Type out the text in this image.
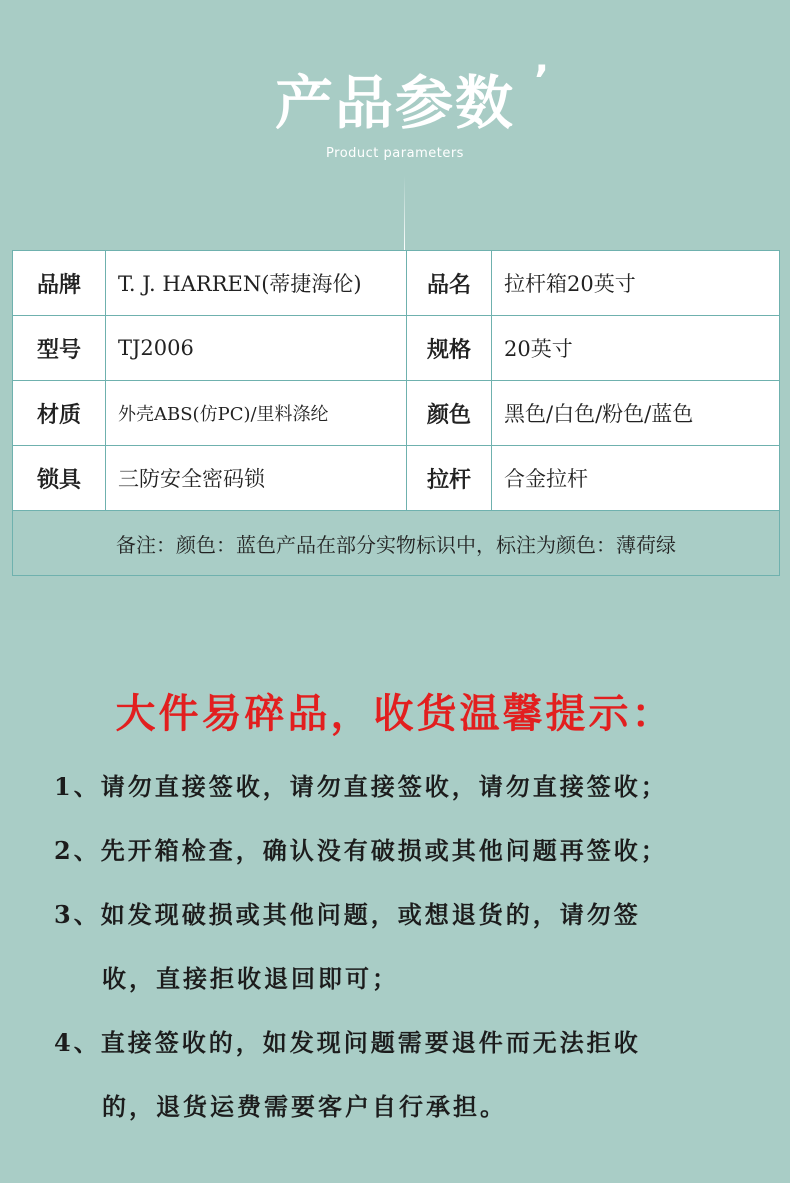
产品参数 ’
Product parameters
品牌	T. J. HARREN(蒂捷海伦)	品名	拉杆箱20英寸
型号	TJ2006	规格	20英寸
材质	外壳ABS(仿PC)/里料涤纶	颜色	黑色/白色/粉色/蓝色
锁具	三防安全密码锁	拉杆	合金拉杆
备注：颜色：蓝色产品在部分实物标识中，标注为颜色：薄荷绿			
大件易碎品，收货温馨提示：
1、请勿直接签收，请勿直接签收，请勿直接签收；
2、先开箱检查，确认没有破损或其他问题再签收；
3、如发现破损或其他问题，或想退货的，请勿签
收，直接拒收退回即可；
4、直接签收的，如发现问题需要退件而无法拒收
的，退货运费需要客户自行承担。
